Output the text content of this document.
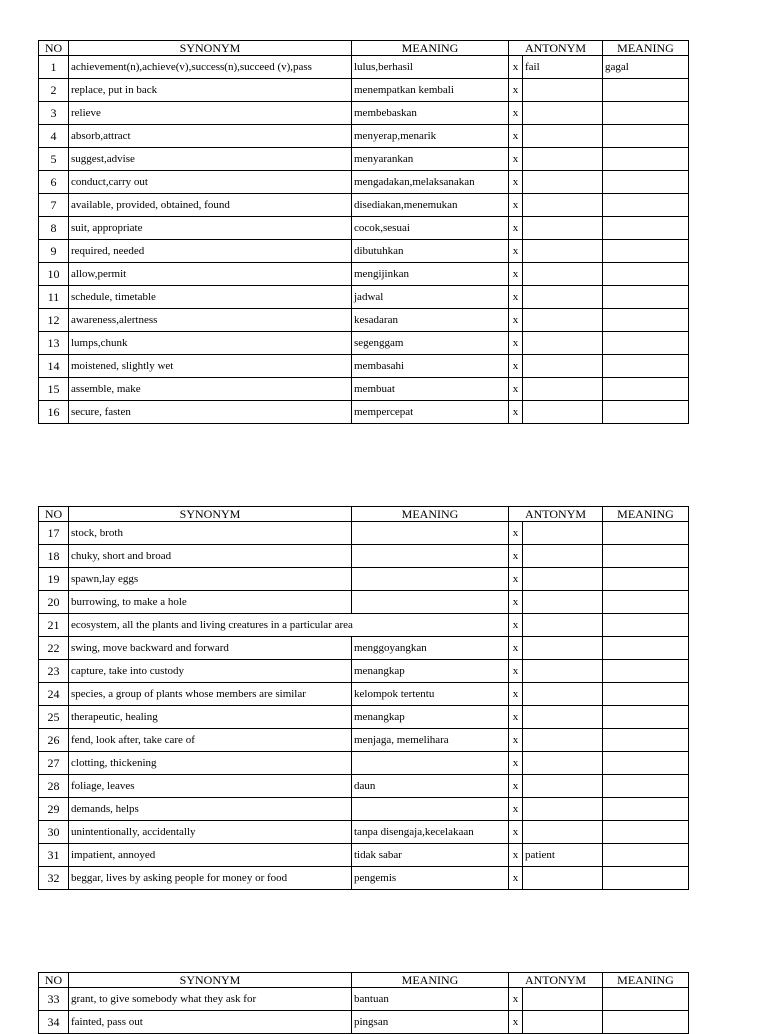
NO	SYNONYM	MEANING	ANTONYM		MEANING
1	achievement(n),achieve(v),success(n),succeed (v),pass	lulus,berhasil	x	fail	gagal
2	replace, put in back	menempatkan kembali	x		
3	relieve	membebaskan	x		
4	absorb,attract	menyerap,menarik	x		
5	suggest,advise	menyarankan	x		
6	conduct,carry out	mengadakan,melaksanakan	x		
7	available, provided, obtained, found	disediakan,menemukan	x		
8	suit, appropriate	cocok,sesuai	x		
9	required, needed	dibutuhkan	x		
10	allow,permit	mengijinkan	x		
11	schedule, timetable	jadwal	x		
12	awareness,alertness	kesadaran	x		
13	lumps,chunk	segenggam	x		
14	moistened, slightly wet	membasahi	x		
15	assemble, make	membuat	x		
16	secure, fasten	mempercepat	x		
NO	SYNONYM	MEANING	ANTONYM		MEANING
17	stock, broth		x		
18	chuky, short and broad		x		
19	spawn,lay eggs		x		
20	burrowing, to make a hole		x		
21	ecosystem, all the plants and living creatures in a particular area		x		
22	swing, move backward and forward	menggoyangkan	x		
23	capture, take into custody	menangkap	x		
24	species, a group of plants whose members are similar	kelompok tertentu	x		
25	therapeutic, healing	menangkap	x		
26	fend, look after, take care of	menjaga, memelihara	x		
27	clotting, thickening		x		
28	foliage, leaves	daun	x		
29	demands, helps		x		
30	unintentionally, accidentally	tanpa disengaja,kecelakaan	x		
31	impatient, annoyed	tidak sabar	x	patient	
32	beggar, lives by asking people for money or food	pengemis	x		
NO	SYNONYM	MEANING	ANTONYM		MEANING
33	grant, to give somebody what they ask for	bantuan	x		
34	fainted, pass out	pingsan	x		
